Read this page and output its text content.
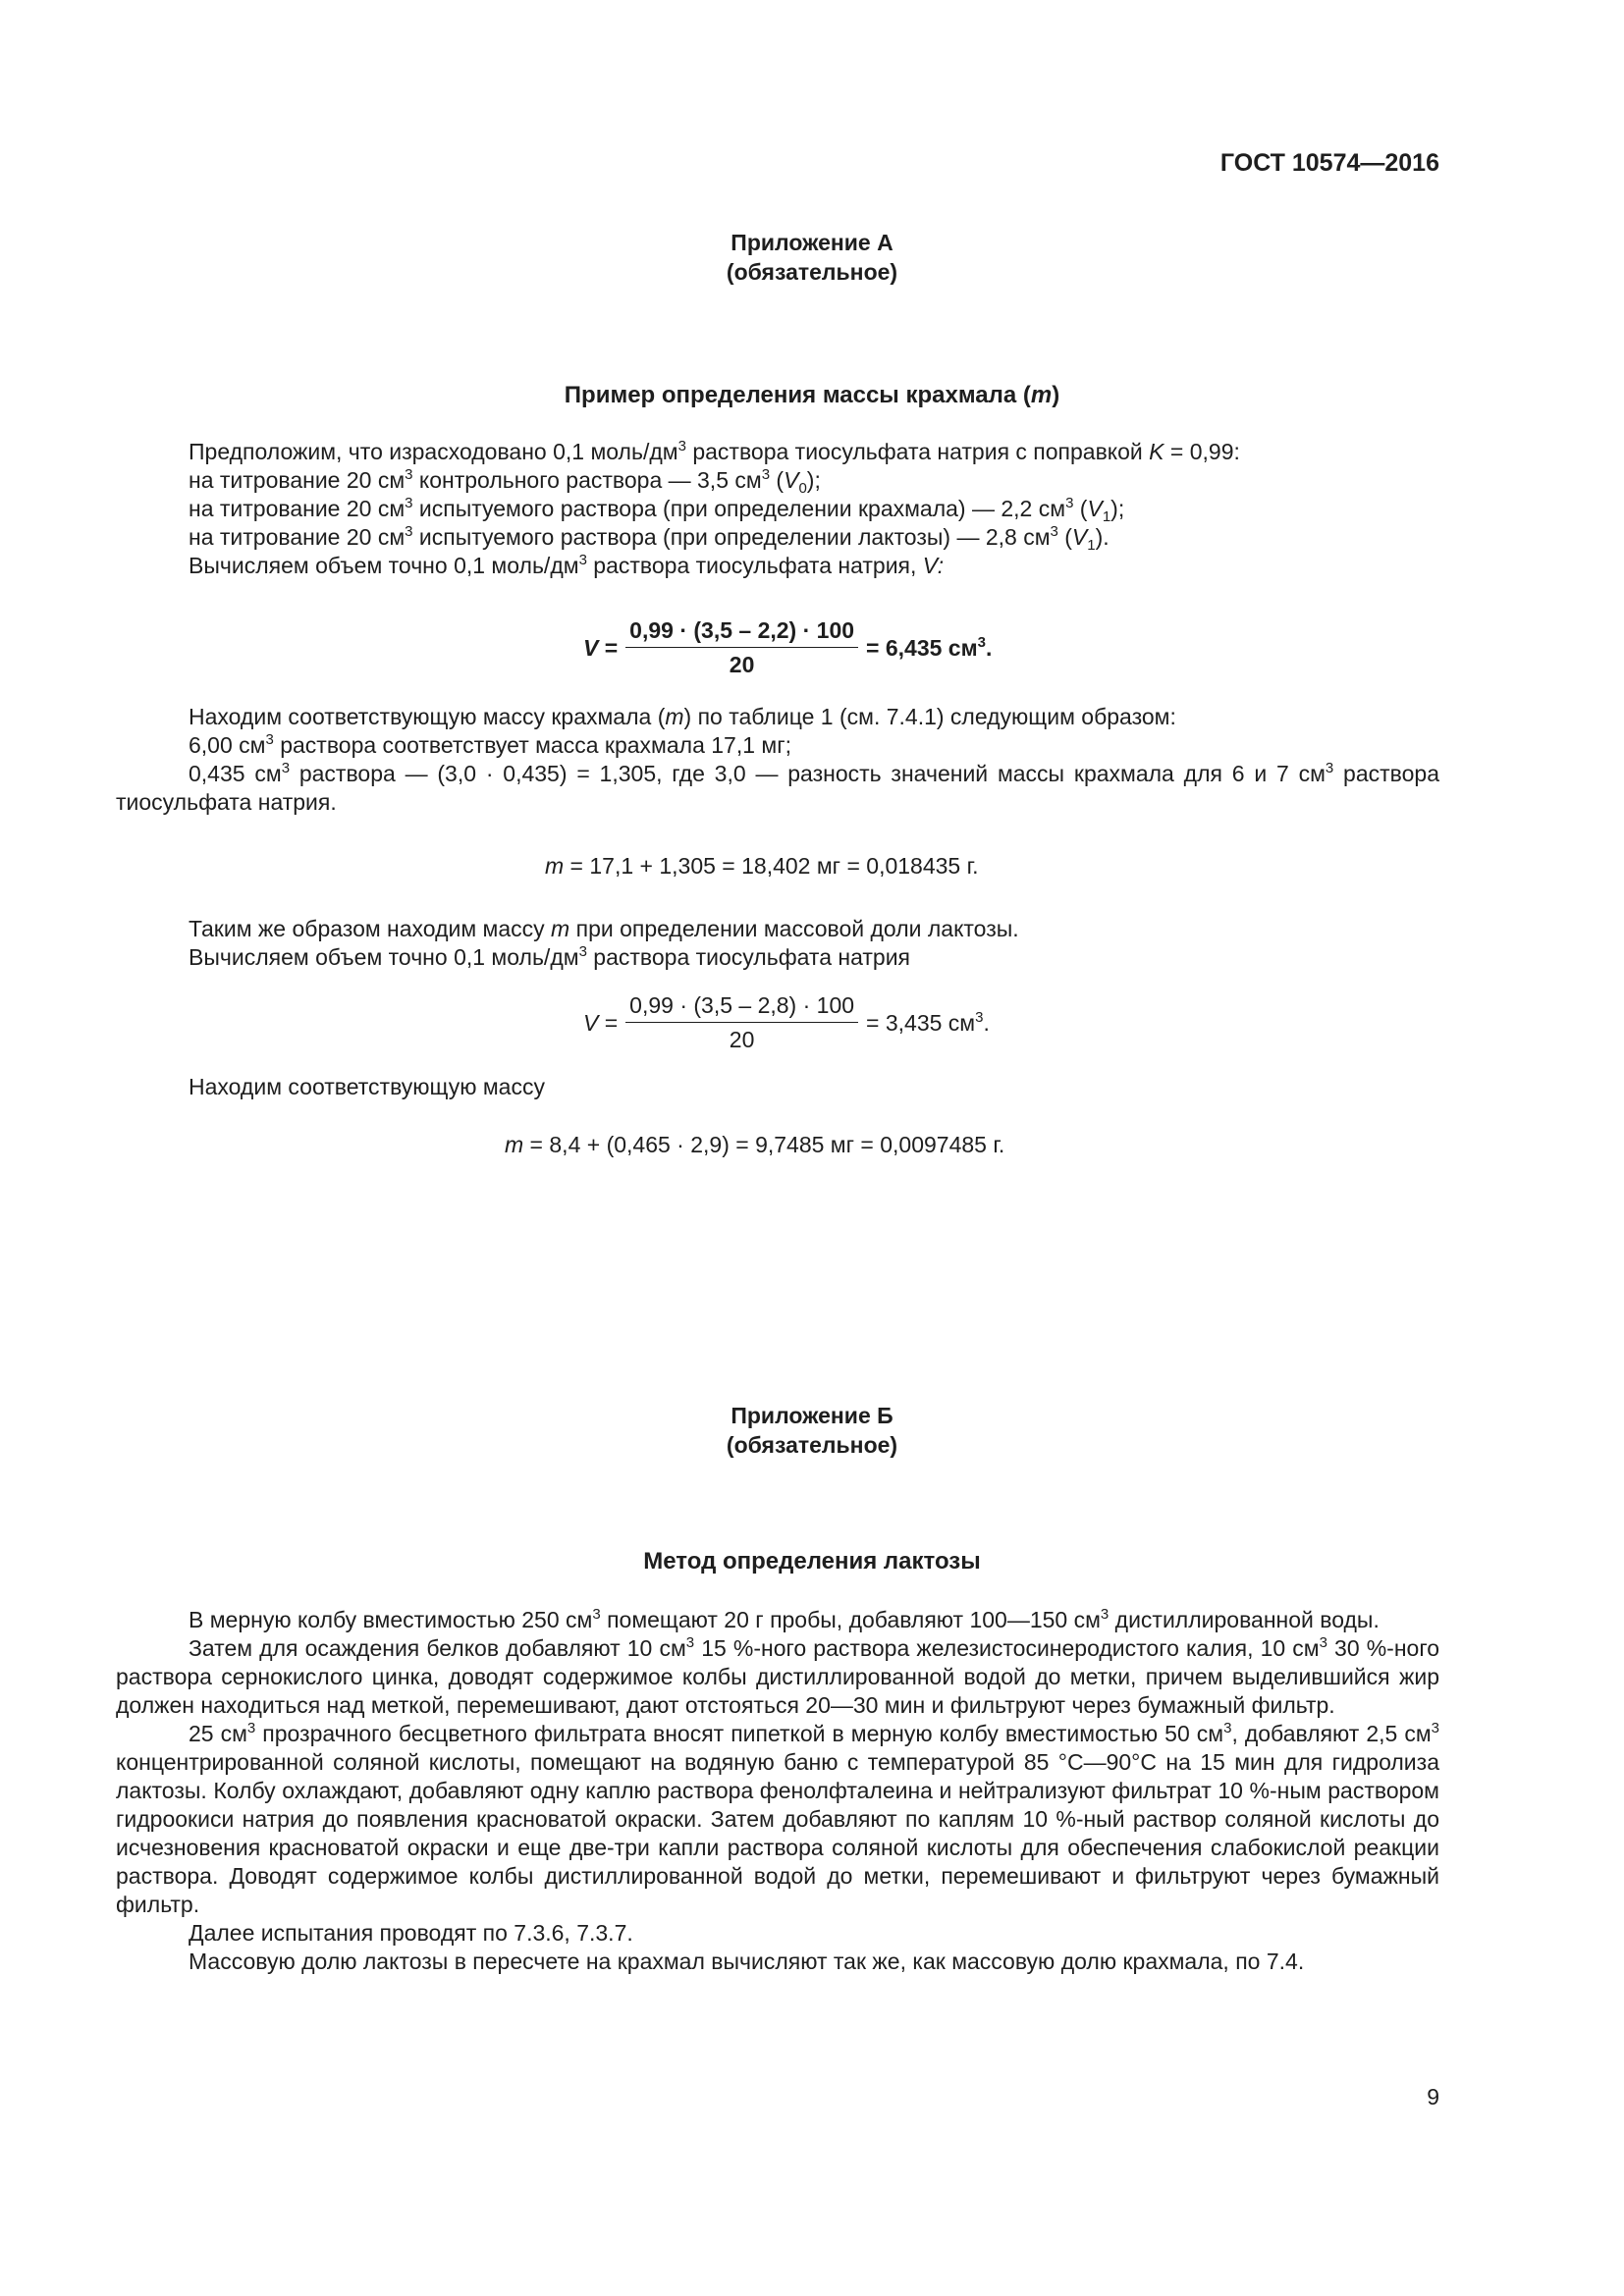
ГОСТ 10574—2016
Приложение А
(обязательное)
Пример определения массы крахмала (m)

Предположим, что израсходовано 0,1 моль/$дм^3$ раствора тиосульфата натрия с поправкой K = 0,99:

на титрование 20 $см^3$ контрольного раствора — 3,5 $см^3$ $(V_0)$;

на титрование 20 $см^3$ испытуемого раствора (при определении крахмала) — 2,2 $см^3$ $(V_1)$;

на титрование 20 $см^3$ испытуемого раствора (при определении лактозы) — 2,8 $см^3$ $(V_1)$.

Вычисляем объем точно 0,1 моль/$дм^3$ раствора тиосульфата натрия, V:

$V = \frac{0,99 \cdot (3,5 - 2,2) \cdot 100}{20} = 6,435$ $см^3$.

Находим соответствующую массу крахмала (m) по таблице 1 (см. 7.4.1) следующим образом:

6,00 $см^3$ раствора соответствует масса крахмала 17,1 мг;

0,435 $см^3$ раствора — (3,0 · 0,435) = 1,305, где 3,0 — разность значений массы крахмала для 6 и 7 $см^3$ раствора тиосульфата натрия.

m = 17,1 + 1,305 = 18,402 мг = 0,018435 г.

Таким же образом находим массу m при определении массовой доли лактозы.

Вычисляем объем точно 0,1 моль/$дм^3$ раствора тиосульфата натрия

$V = \frac{0,99 \cdot (3,5 - 2,8) \cdot 100}{20} = 3,435$ $см^3$.

Находим соответствующую массу

m = 8,4 + (0,465 · 2,9) = 9,7485 мг = 0,0097485 г.
Приложение Б
(обязательное)
Метод определения лактозы

В мерную колбу вместимостью 250 $см^3$ помещают 20 г пробы, добавляют 100—150 $см^3$ дистиллированной воды.

Затем для осаждения белков добавляют 10 $см^3$ 15 %-ного раствора железистосинеродистого калия, 10 $см^3$ 30 %-ного раствора сернокислого цинка, доводят содержимое колбы дистиллированной водой до метки, причем выделившийся жир должен находиться над меткой, перемешивают, дают отстояться 20—30 мин и фильтруют через бумажный фильтр.

25 $см^3$ прозрачного бесцветного фильтрата вносят пипеткой в мерную колбу вместимостью 50 $см^3$, добавляют 2,5 $см^3$ концентрированной соляной кислоты, помещают на водяную баню с температурой 85 °С—90°С на 15 мин для гидролиза лактозы. Колбу охлаждают, добавляют одну каплю раствора фенолфталеина и нейтрализуют фильтрат 10 %-ным раствором гидроокиси натрия до появления красноватой окраски. Затем добавляют по каплям 10 %-ный раствор соляной кислоты до исчезновения красноватой окраски и еще две-три капли раствора соляной кислоты для обеспечения слабокислой реакции раствора. Доводят содержимое колбы дистиллированной водой до метки, перемешивают и фильтруют через бумажный фильтр.

Далее испытания проводят по 7.3.6, 7.3.7.

Массовую долю лактозы в пересчете на крахмал вычисляют так же, как массовую долю крахмала, по 7.4.

9
